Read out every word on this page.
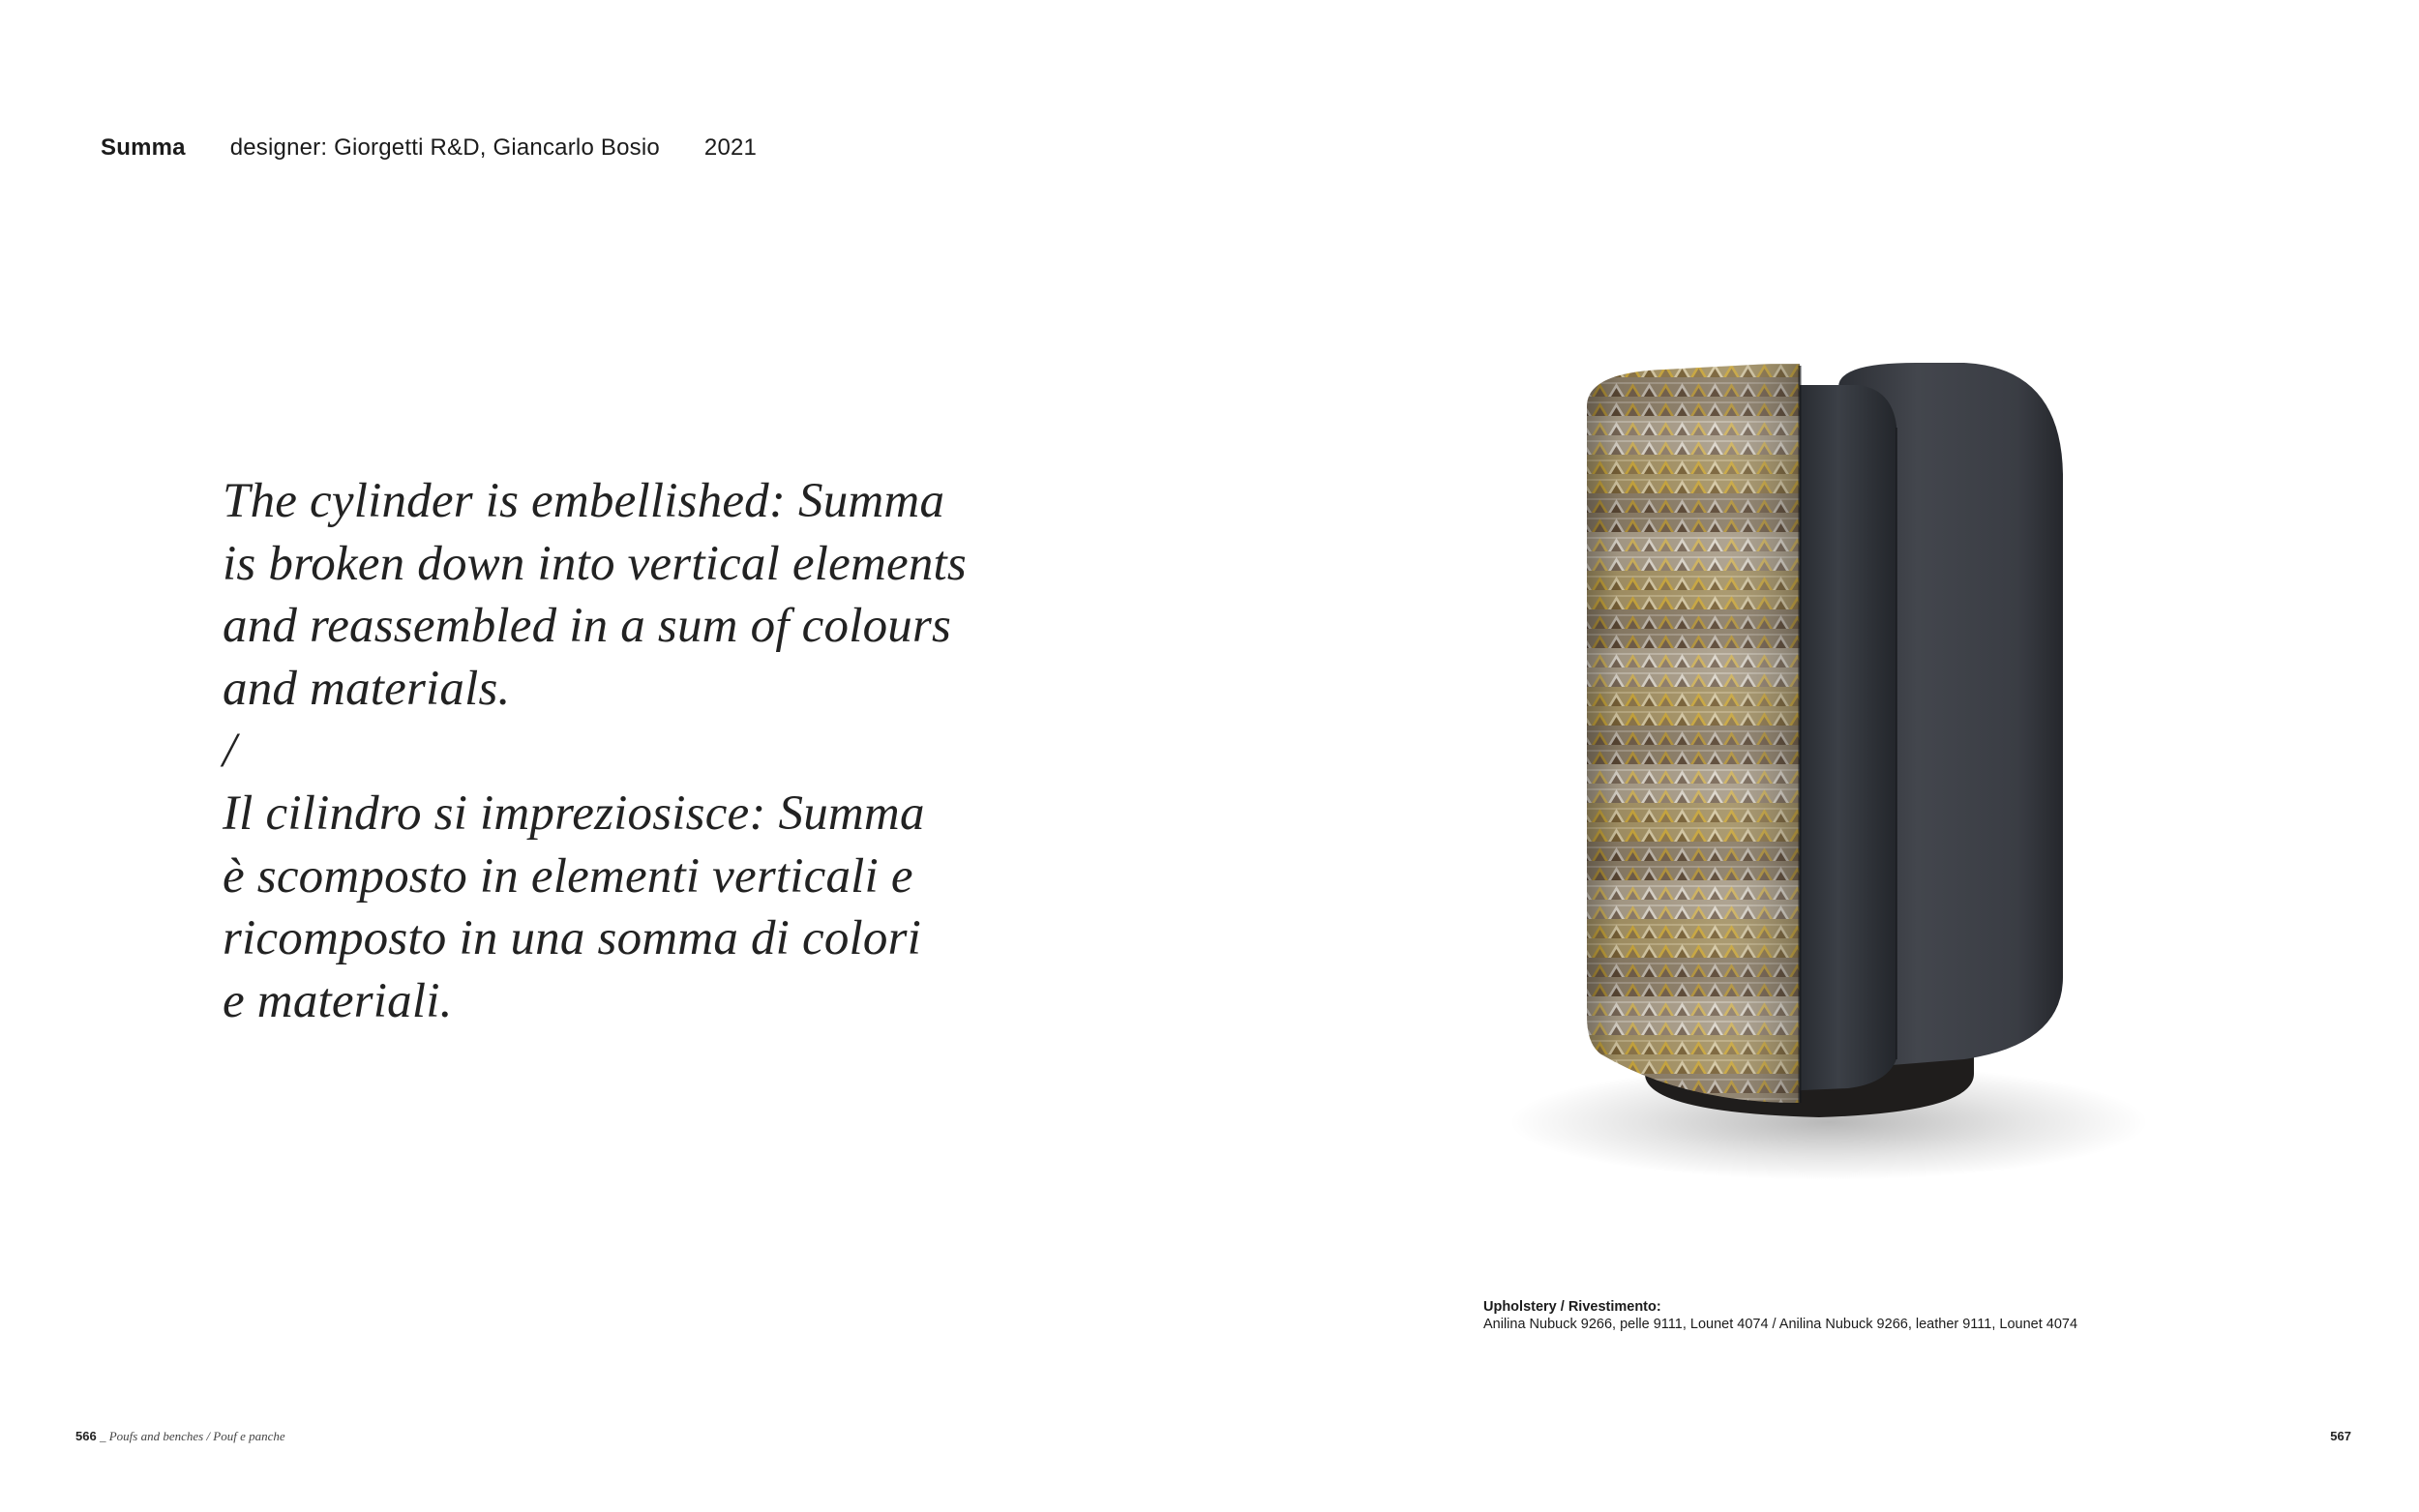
Summa designer: Giorgetti R&D, Giancarlo Bosio 2021
The cylinder is embellished: Summa
is broken down into vertical elements
and reassembled in a sum of colours
and materials.
/
Il cilindro si impreziosisce: Summa
è scomposto in elementi verticali e
ricomposto in una somma di colori
e materiali.
Upholstery / Rivestimento:
Anilina Nubuck 9266, pelle 9111, Lounet 4074 / Anilina Nubuck 9266, leather 9111, Lounet 4074
566 _ Poufs and benches / Pouf e panche	567
